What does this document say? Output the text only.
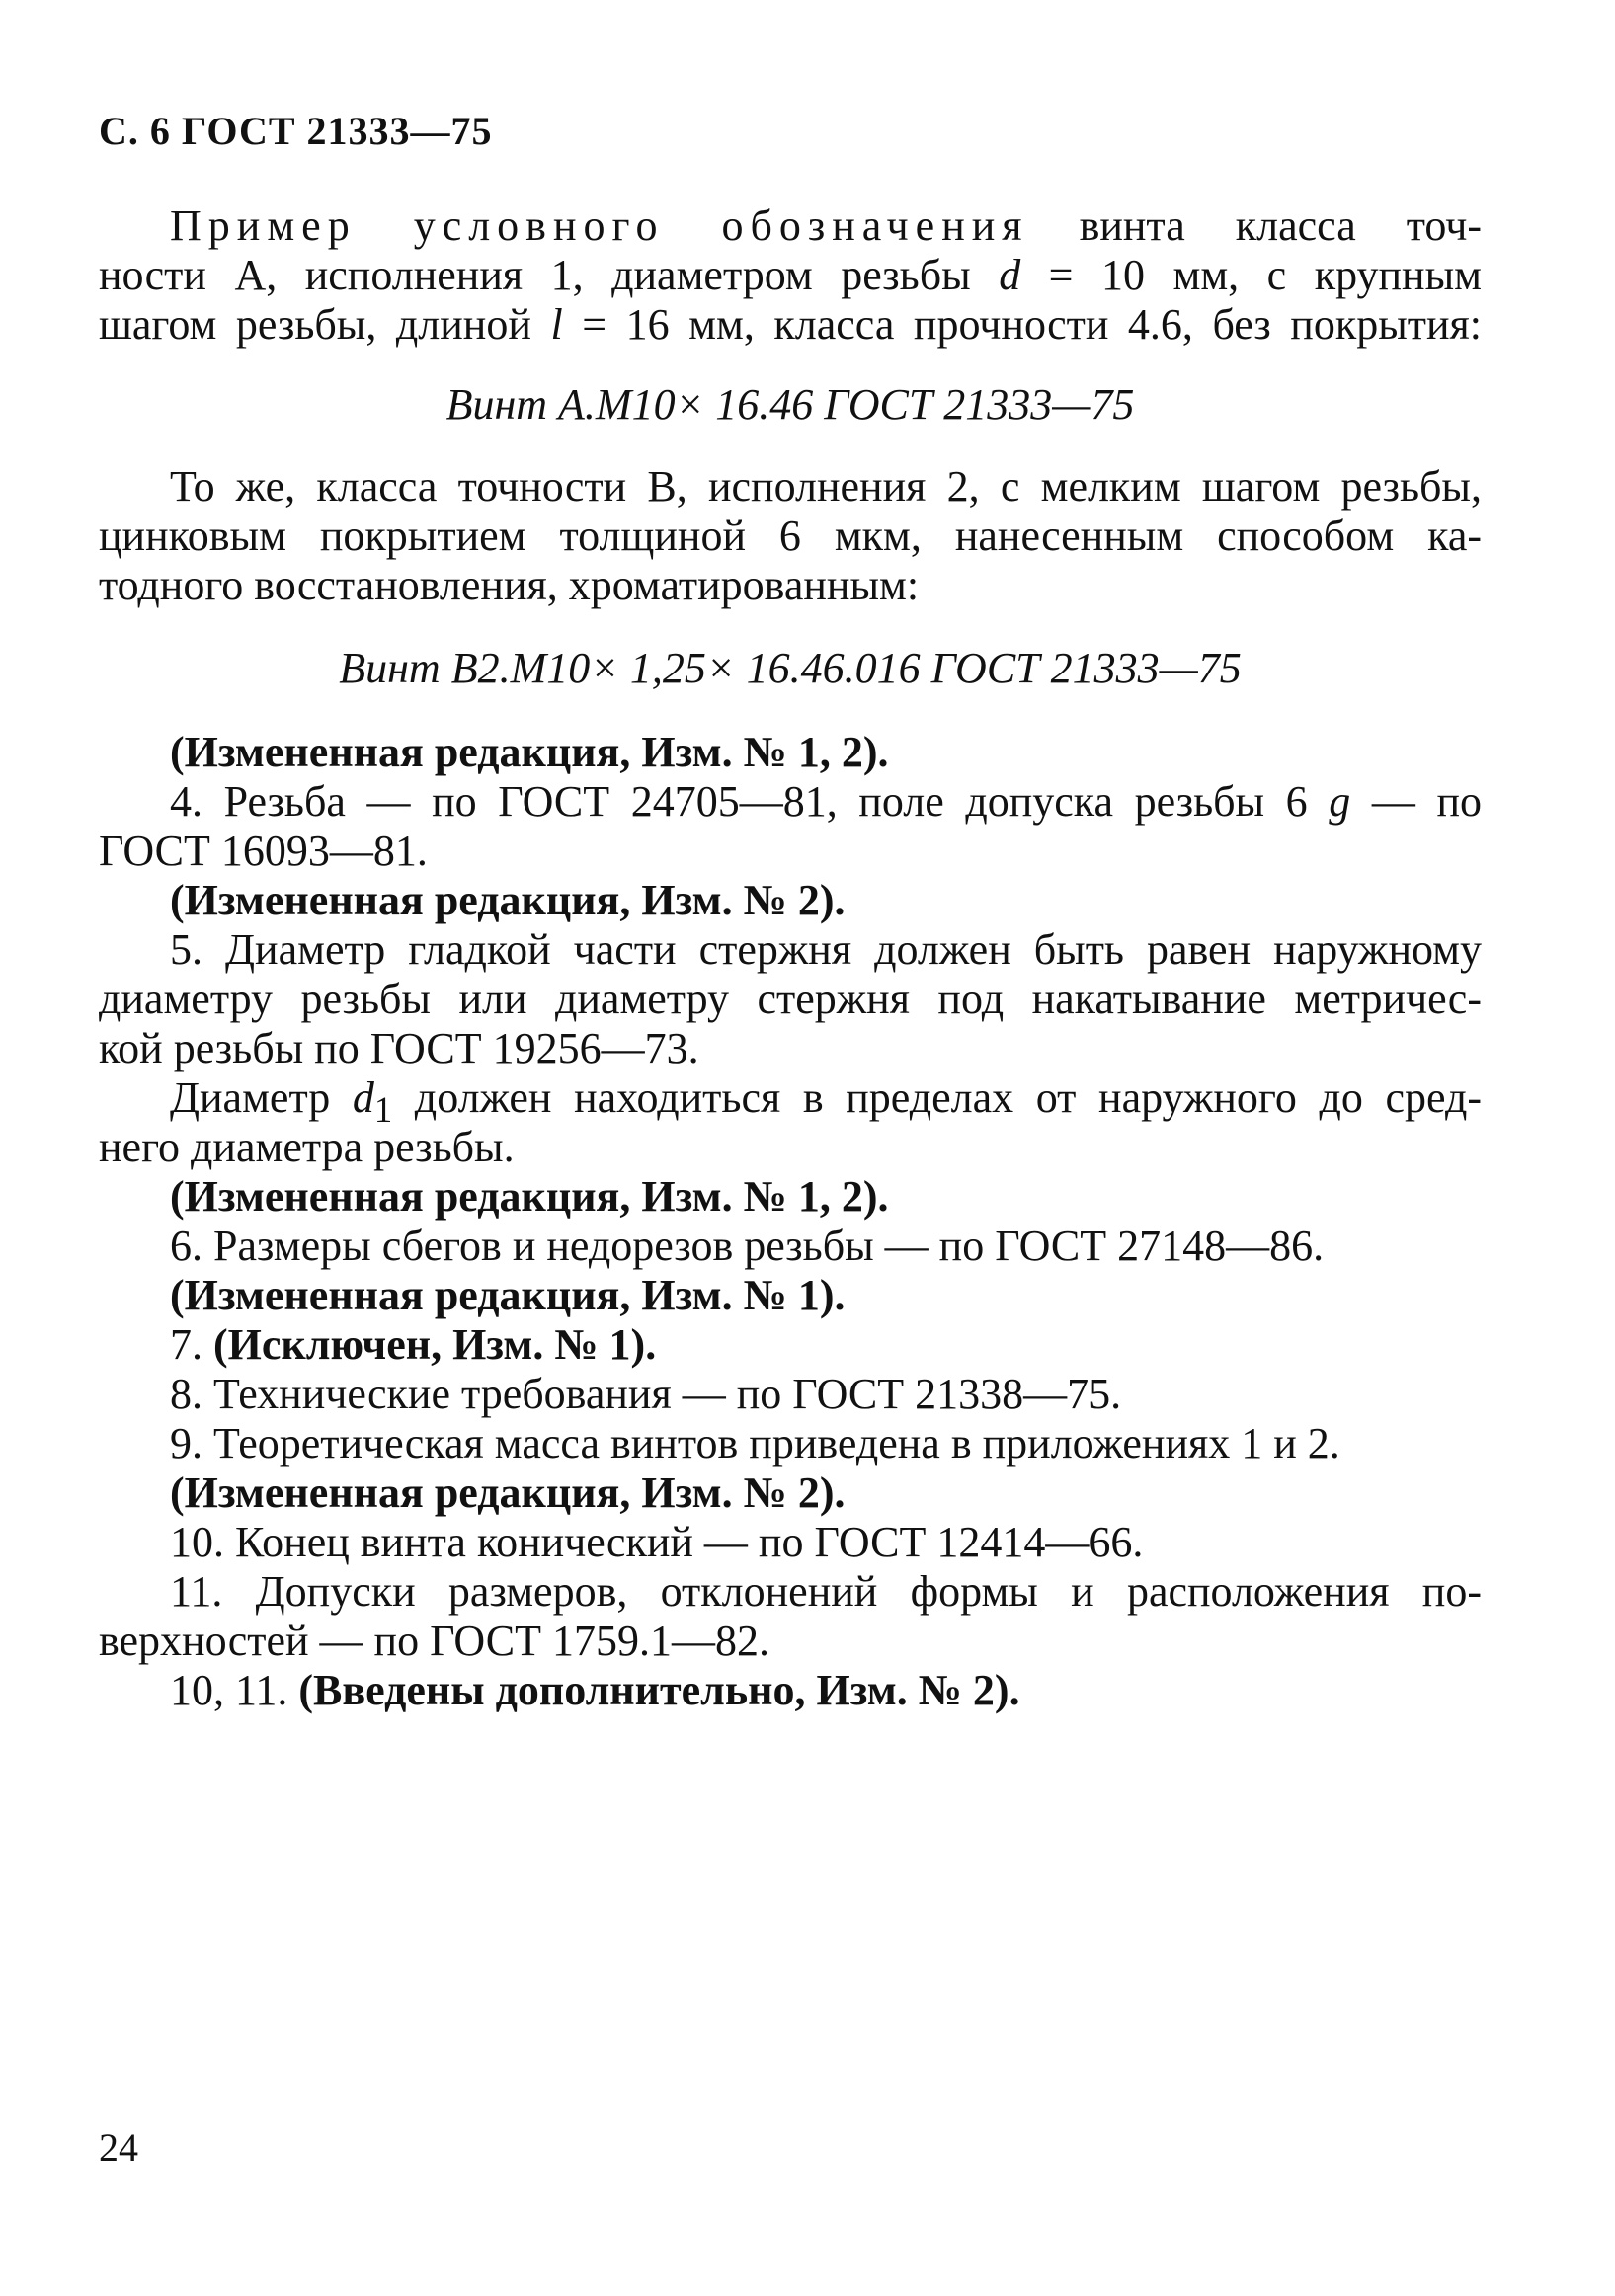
С. 6 ГОСТ 21333—75

Пример условного обозначения винта класса точ-

ности А, исполнения 1, диаметром резьбы d = 10 мм, с крупным

шагом резьбы, длиной l = 16 мм, класса прочности 4.6, без покрытия:

Винт А.М10× 16.46 ГОСТ 21333—75

То же, класса точности В, исполнения 2, с мелким шагом резьбы,

цинковым покрытием толщиной 6 мкм, нанесенным способом ка-

тодного восстановления, хроматированным:

Винт В2.М10× 1,25× 16.46.016 ГОСТ 21333—75

(Измененная редакция, Изм. № 1, 2).

4. Резьба — по ГОСТ 24705—81, поле допуска резьбы 6 g — по

ГОСТ 16093—81.

(Измененная редакция, Изм. № 2).

5. Диаметр гладкой части стержня должен быть равен наружному

диаметру резьбы или диаметру стержня под накатывание метричес-

кой резьбы по ГОСТ 19256—73.

Диаметр $d_1$ должен находиться в пределах от наружного до сред-

него диаметра резьбы.

(Измененная редакция, Изм. № 1, 2).

6. Размеры сбегов и недорезов резьбы — по ГОСТ 27148—86.

(Измененная редакция, Изм. № 1).

7. (Исключен, Изм. № 1).

8. Технические требования — по ГОСТ 21338—75.

9. Теоретическая масса винтов приведена в приложениях 1 и 2.

(Измененная редакция, Изм. № 2).

10. Конец винта конический — по ГОСТ 12414—66.

11. Допуски размеров, отклонений формы и расположения по-

верхностей — по ГОСТ 1759.1—82.

10, 11. (Введены дополнительно, Изм. № 2).

24
